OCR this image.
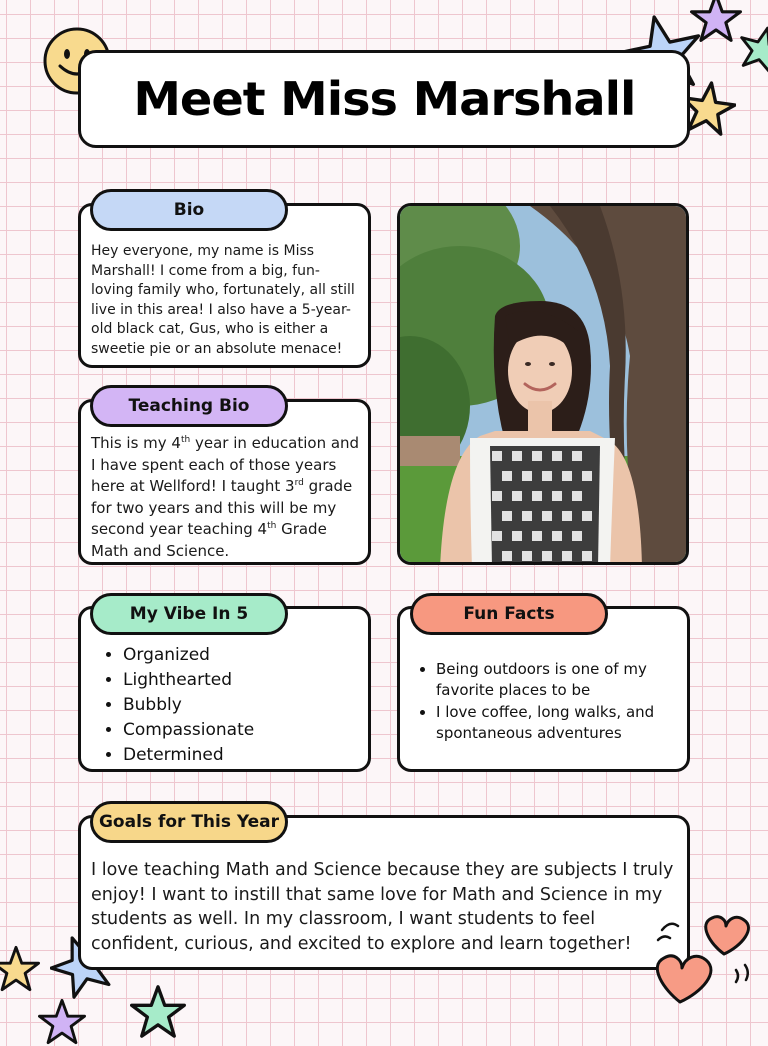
Meet Miss Marshall
Hey everyone, my name is Miss Marshall! I come from a big, fun-loving family who, fortunately, all still live in this area! I also have a 5-year-old black cat, Gus, who is either a sweetie pie or an absolute menace!
Bio
This is my 4th year in education and I have spent each of those years here at Wellford! I taught 3rd grade for two years and this will be my second year teaching 4th Grade Math and Science.
Teaching Bio
• Organized
• Lighthearted
• Bubbly
• Compassionate
• Determined
My Vibe In 5
• Being outdoors is one of my favorite places to be
• I love coffee, long walks, and spontaneous adventures
Fun Facts
I love teaching Math and Science because they are subjects I truly enjoy! I want to instill that same love for Math and Science in my students as well. In my classroom, I want students to feel confident, curious, and excited to explore and learn together!
Goals for This Year
